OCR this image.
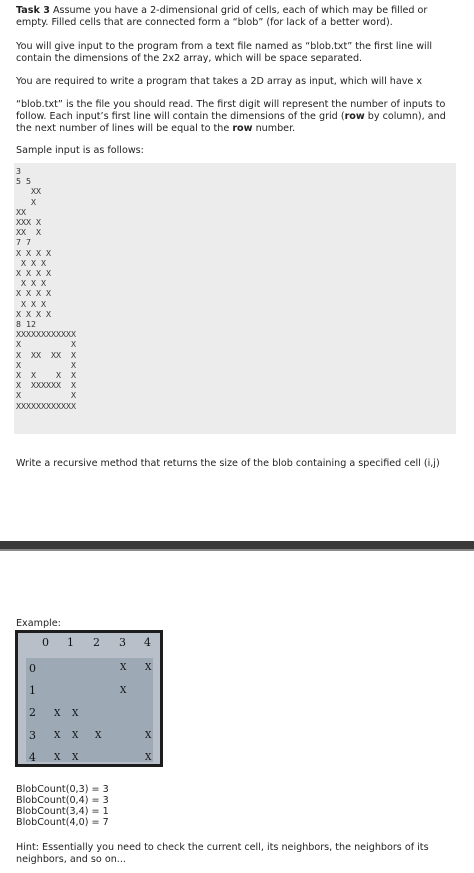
Task 3 Assume you have a 2-dimensional grid of cells, each of which may be filled or empty. Filled cells that are connected form a “blob” (for lack of a better word).

You will give input to the program from a text file named as “blob.txt” the first line will contain the dimensions of the 2x2 array, which will be space separated.

You are required to write a program that takes a 2D array as input, which will have x

“blob.txt” is the file you should read. The first digit will represent the number of inputs to follow. Each input’s first line will contain the dimensions of the grid (row by column), and the next number of lines will be equal to the row number.

Sample input is as follows:

3
5 5
XX
X
XX
XXX X
XX  X
7 7
X X X X
X X X
X X X X
X X X
X X X X
X X X
X X X X
8 12
XXXXXXXXXXXX
X          X
X  XX  XX  X
X          X
X  X    X  X
X  XXXXXX  X
X          X
XXXXXXXXXXXX

Write a recursive method that returns the size of the blob containing a specified cell (i,j)

Example:

0 1 2 3 4
0
1
2
3
4
X X
X
X X
X X X	X
X X	X
BlobCount(0,3) = 3
BlobCount(0,4) = 3
BlobCount(3,4) = 1
BlobCount(4,0) = 7

Hint: Essentially you need to check the current cell, its neighbors, the neighbors of its neighbors, and so on...
